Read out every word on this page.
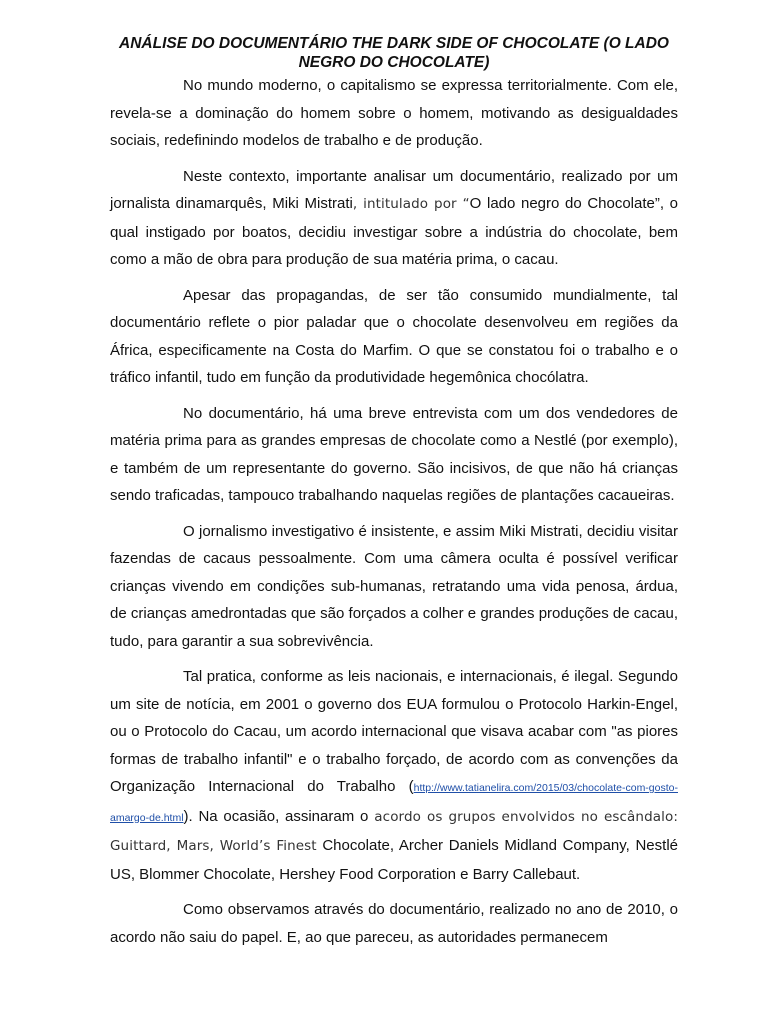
ANÁLISE DO DOCUMENTÁRIO THE DARK SIDE OF CHOCOLATE (O LADO NEGRO DO CHOCOLATE)

No mundo moderno, o capitalismo se expressa territorialmente. Com ele, revela-se a dominação do homem sobre o homem, motivando as desigualdades sociais, redefinindo modelos de trabalho e de produção.

Neste contexto, importante analisar um documentário, realizado por um jornalista dinamarquês, Miki Mistrati, intitulado por “O lado negro do Chocolate”, o qual instigado por boatos, decidiu investigar sobre a indústria do chocolate, bem como a mão de obra para produção de sua matéria prima, o cacau.

Apesar das propagandas, de ser tão consumido mundialmente, tal documentário reflete o pior paladar que o chocolate desenvolveu em regiões da África, especificamente na Costa do Marfim. O que se constatou foi o trabalho e o tráfico infantil, tudo em função da produtividade hegemônica chocólatra.

No documentário, há uma breve entrevista com um dos vendedores de matéria prima para as grandes empresas de chocolate como a Nestlé (por exemplo), e também de um representante do governo. São incisivos, de que não há crianças sendo traficadas, tampouco trabalhando naquelas regiões de plantações cacaueiras.

O jornalismo investigativo é insistente, e assim Miki Mistrati, decidiu visitar fazendas de cacaus pessoalmente. Com uma câmera oculta é possível verificar crianças vivendo em condições sub-humanas, retratando uma vida penosa, árdua, de crianças amedrontadas que são forçados a colher e grandes produções de cacau, tudo, para garantir a sua sobrevivência.

Tal pratica, conforme as leis nacionais, e internacionais, é ilegal. Segundo um site de notícia, em 2001 o governo dos EUA formulou o Protocolo Harkin-Engel, ou o Protocolo do Cacau, um acordo internacional que visava acabar com "as piores formas de trabalho infantil" e o trabalho forçado, de acordo com as convenções da Organização Internacional do Trabalho (http://www.tatianelira.com/2015/03/chocolate-com-gosto-amargo-de.html). Na ocasião, assinaram o acordo os grupos envolvidos no escândalo: Guittard, Mars, World’s Finest Chocolate, Archer Daniels Midland Company, Nestlé US, Blommer Chocolate, Hershey Food Corporation e Barry Callebaut.

Como observamos através do documentário, realizado no ano de 2010, o acordo não saiu do papel. E, ao que pareceu, as autoridades permanecem
